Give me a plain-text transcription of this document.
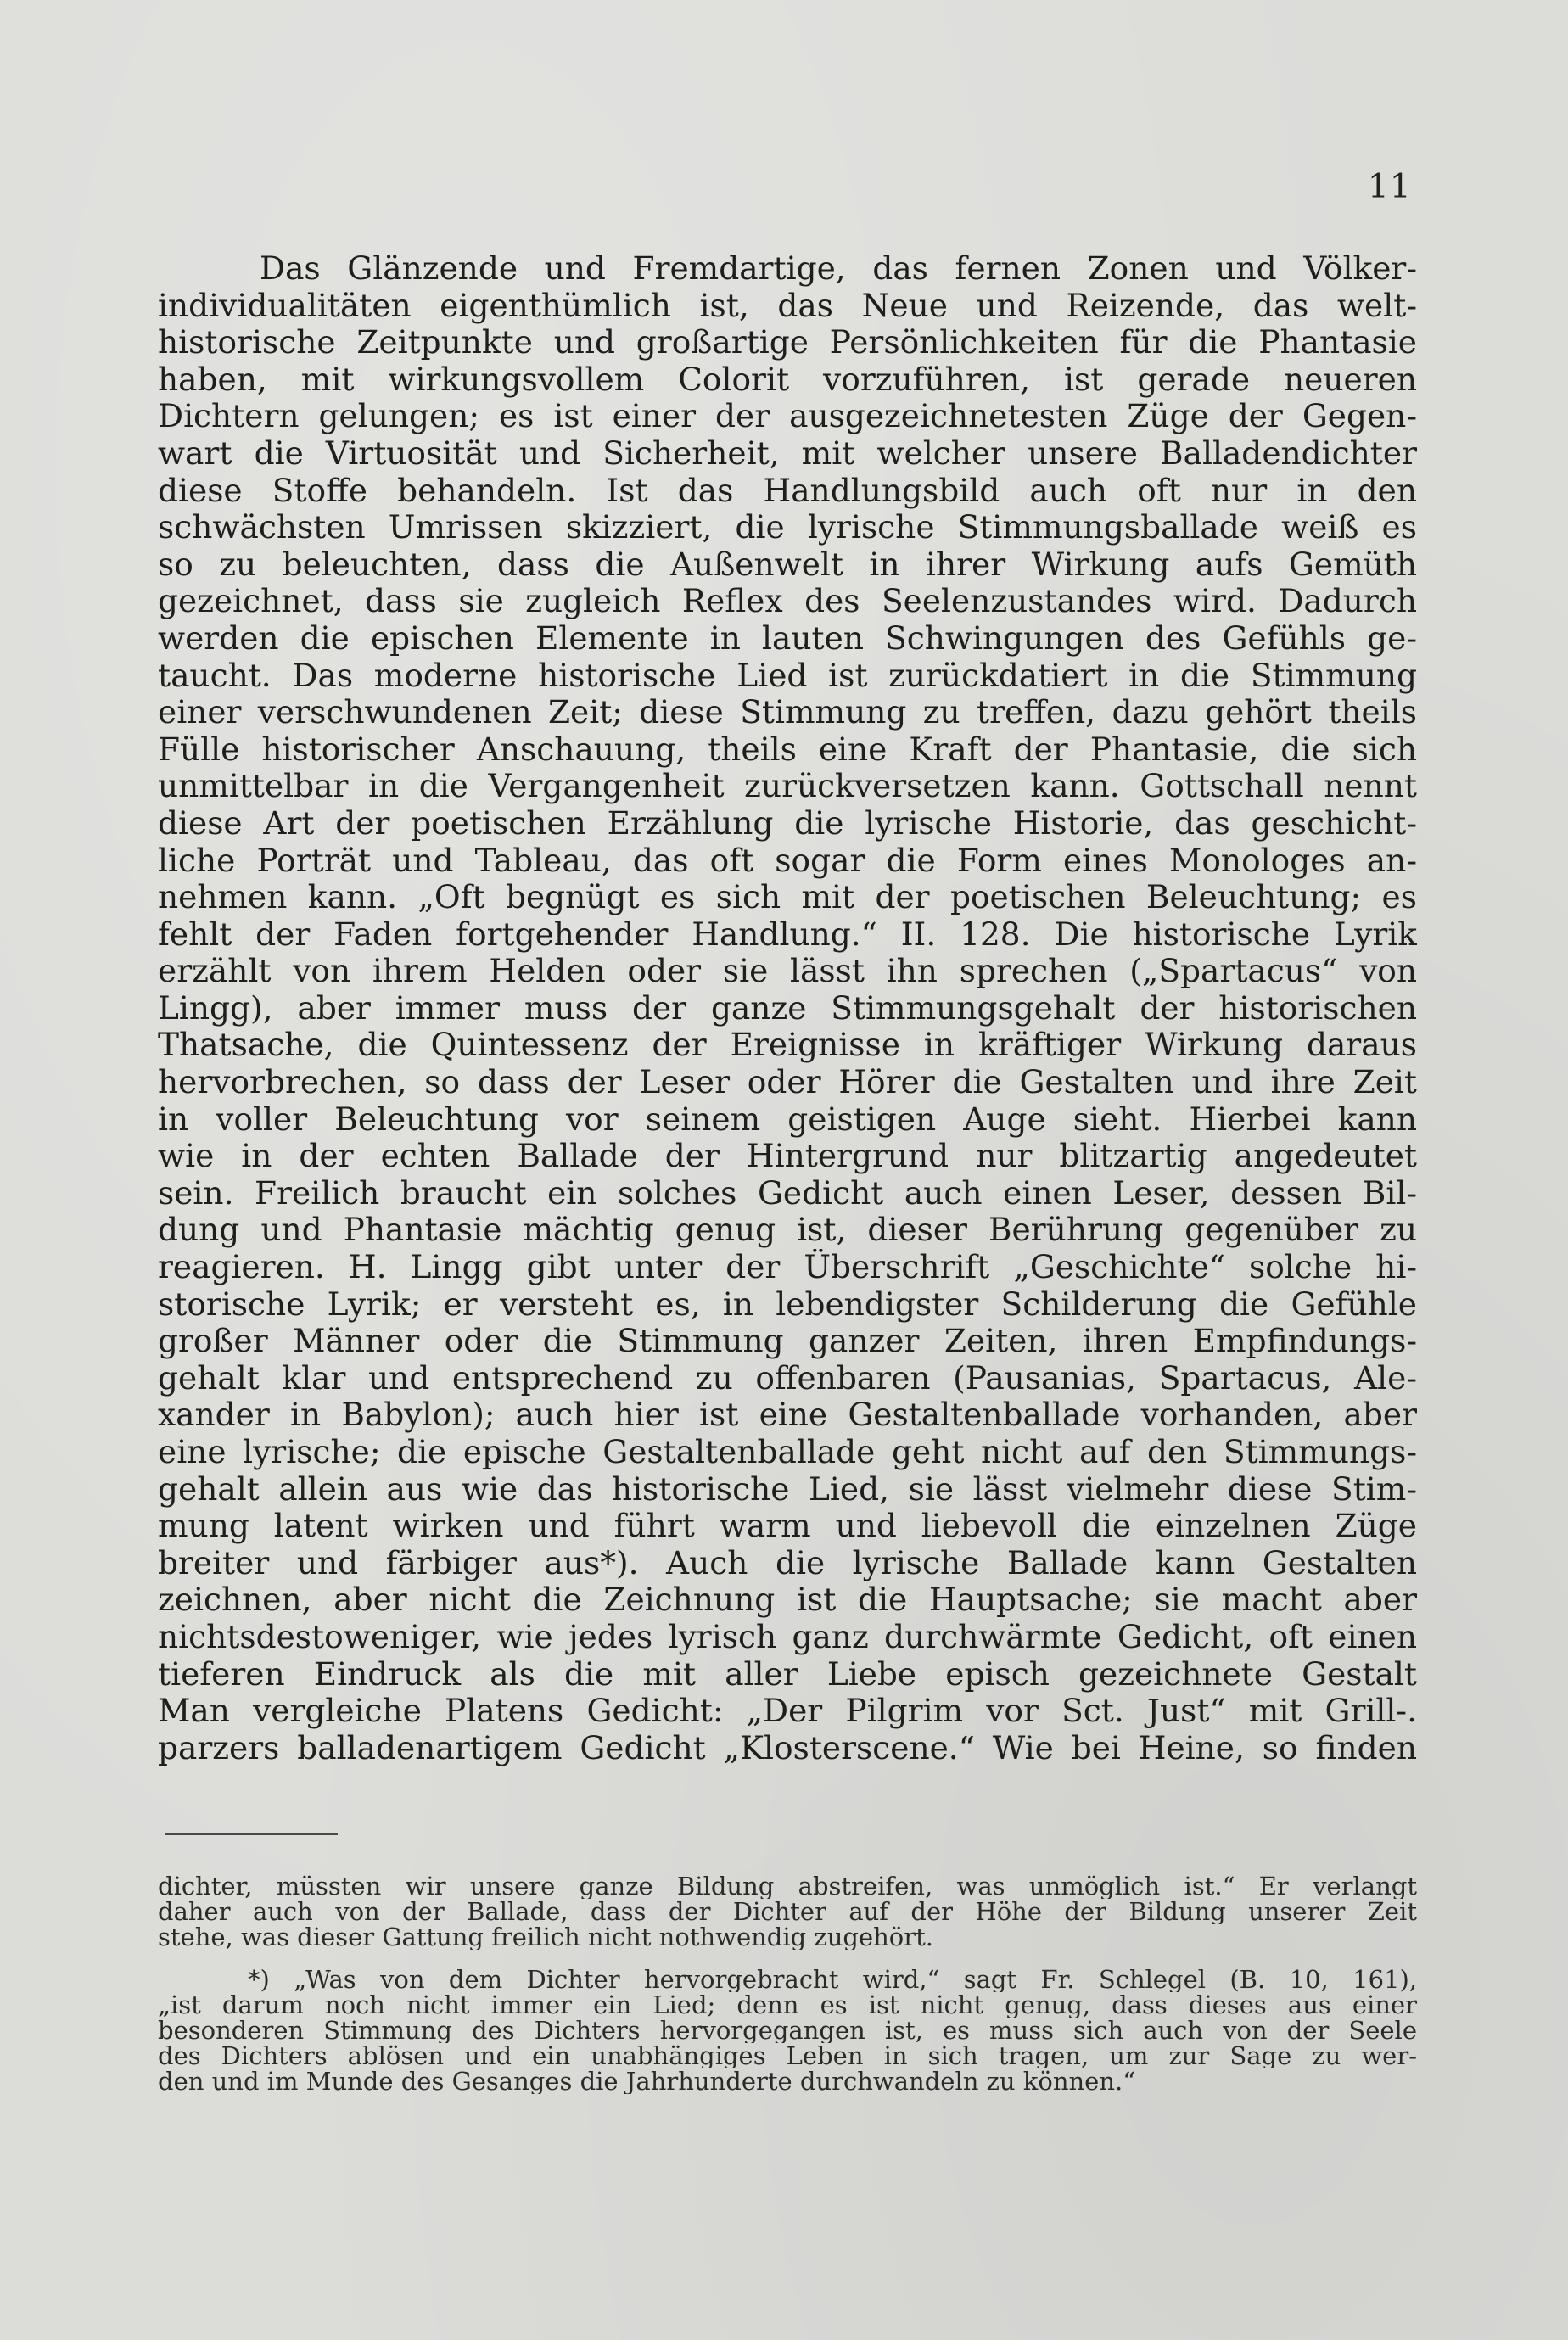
11
Das Glänzende und Fremdartige, das fernen Zonen und Völker-
individualitäten eigenthümlich ist, das Neue und Reizende, das welt-
historische Zeitpunkte und großartige Persönlichkeiten für die Phantasie
haben, mit wirkungsvollem Colorit vorzuführen, ist gerade neueren
Dichtern gelungen; es ist einer der ausgezeichnetesten Züge der Gegen-
wart die Virtuosität und Sicherheit, mit welcher unsere Balladendichter
diese Stoffe behandeln. Ist das Handlungsbild auch oft nur in den
schwächsten Umrissen skizziert, die lyrische Stimmungsballade weiß es
so zu beleuchten, dass die Außenwelt in ihrer Wirkung aufs Gemüth
gezeichnet, dass sie zugleich Reflex des Seelenzustandes wird. Dadurch
werden die epischen Elemente in lauten Schwingungen des Gefühls ge-
taucht. Das moderne historische Lied ist zurückdatiert in die Stimmung
einer verschwundenen Zeit; diese Stimmung zu treffen, dazu gehört theils
Fülle historischer Anschauung, theils eine Kraft der Phantasie, die sich
unmittelbar in die Vergangenheit zurückversetzen kann. Gottschall nennt
diese Art der poetischen Erzählung die lyrische Historie, das geschicht-
liche Porträt und Tableau, das oft sogar die Form eines Monologes an-
nehmen kann. „Oft begnügt es sich mit der poetischen Beleuchtung; es
fehlt der Faden fortgehender Handlung.“ II. 128. Die historische Lyrik
erzählt von ihrem Helden oder sie lässt ihn sprechen („Spartacus“ von
Lingg), aber immer muss der ganze Stimmungsgehalt der historischen
Thatsache, die Quintessenz der Ereignisse in kräftiger Wirkung daraus
hervorbrechen, so dass der Leser oder Hörer die Gestalten und ihre Zeit
in voller Beleuchtung vor seinem geistigen Auge sieht. Hierbei kann
wie in der echten Ballade der Hintergrund nur blitzartig angedeutet
sein. Freilich braucht ein solches Gedicht auch einen Leser, dessen Bil-
dung und Phantasie mächtig genug ist, dieser Berührung gegenüber zu
reagieren. H. Lingg gibt unter der Überschrift „Geschichte“ solche hi-
storische Lyrik; er versteht es, in lebendigster Schilderung die Gefühle
großer Männer oder die Stimmung ganzer Zeiten, ihren Empfindungs-
gehalt klar und entsprechend zu offenbaren (Pausanias, Spartacus, Ale-
xander in Babylon); auch hier ist eine Gestaltenballade vorhanden, aber
eine lyrische; die epische Gestaltenballade geht nicht auf den Stimmungs-
gehalt allein aus wie das historische Lied, sie lässt vielmehr diese Stim-
mung latent wirken und führt warm und liebevoll die einzelnen Züge
breiter und färbiger aus*). Auch die lyrische Ballade kann Gestalten
zeichnen, aber nicht die Zeichnung ist die Hauptsache; sie macht aber
nichtsdestoweniger, wie jedes lyrisch ganz durchwärmte Gedicht, oft einen
tieferen Eindruck als die mit aller Liebe episch gezeichnete Gestalt
Man vergleiche Platens Gedicht: „Der Pilgrim vor Sct. Just“ mit Grill-.
parzers balladenartigem Gedicht „Klosterscene.“ Wie bei Heine, so finden
dichter, müssten wir unsere ganze Bildung abstreifen, was unmöglich ist.“ Er verlangt
daher auch von der Ballade, dass der Dichter auf der Höhe der Bildung unserer Zeit
stehe, was dieser Gattung freilich nicht nothwendig zugehört.
*) „Was von dem Dichter hervorgebracht wird,“ sagt Fr. Schlegel (B. 10, 161),
„ist darum noch nicht immer ein Lied; denn es ist nicht genug, dass dieses aus einer
besonderen Stimmung des Dichters hervorgegangen ist, es muss sich auch von der Seele
des Dichters ablösen und ein unabhängiges Leben in sich tragen, um zur Sage zu wer-
den und im Munde des Gesanges die Jahrhunderte durchwandeln zu können.“
